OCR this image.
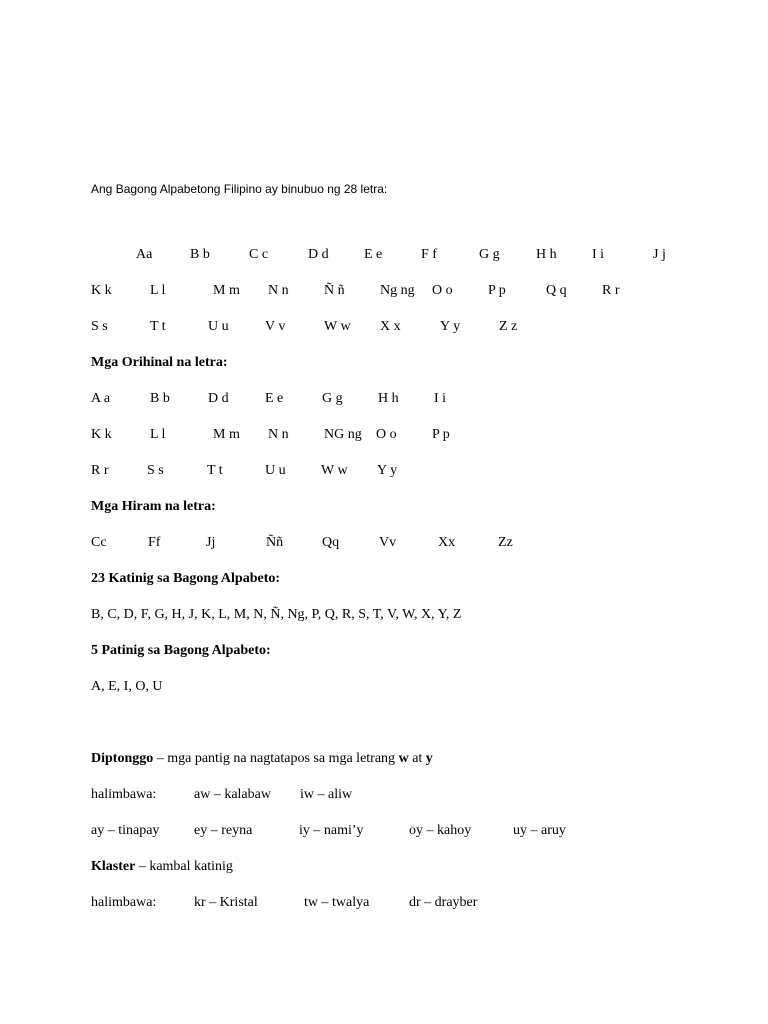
Ang Bagong Alpabetong Filipino ay binubuo ng 28 letra:
Aa	B b	C c	D d	E e	F f	G g	H h	I i	J j
K k	L l	M m N n	Ñ ñ	Ng ng O o	P p	Q q	R r
S s	T t	U u	V v	W w X x	Y y	Z z
Mga Orihinal na letra:
A a	B b	D d	E e	G g	H h	I i
K k	L l	M m N n	NG ng O o	P p
R r	S s	T t	U u	W w Y y
Mga Hiram na letra:
Cc	Ff	Jj	Ññ	Qq	Vv	Xx	Zz
23 Katinig sa Bagong Alpabeto:
B, C, D, F, G, H, J, K, L, M, N, Ñ, Ng, P, Q, R, S, T, V, W, X, Y, Z
5 Patinig sa Bagong Alpabeto:
A, E, I, O, U
Diptonggo – mga pantig na nagtatapos sa mga letrang w at y
halimbawa:	aw – kalabaw iw – aliw
ay – tinapay ey – reyna	iy – nami’y	oy – kahoy	uy – aruy
Klaster – kambal katinig
halimbawa:	kr – Kristal	tw – twalya	dr – drayber
